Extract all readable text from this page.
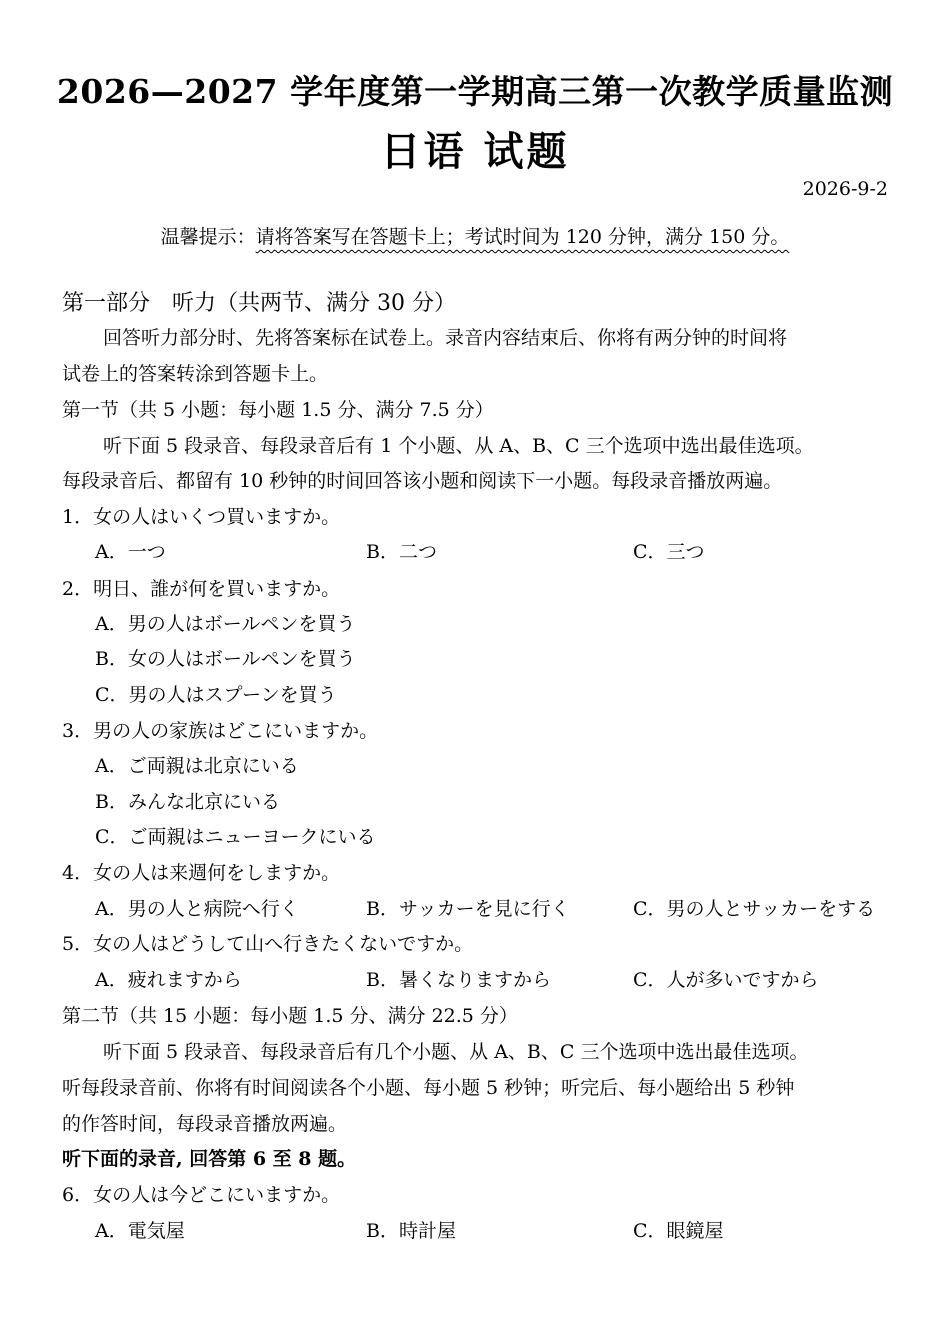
2026—2027 学年度第一学期高三第一次教学质量监测
日语 试题
2026-9-2
温馨提示：请将答案写在答题卡上；考试时间为 120 分钟，满分 150 分。
第一部分　听力（共两节、满分 30 分）
回答听力部分时、先将答案标在试卷上。录音内容结束后、你将有两分钟的时间将
试卷上的答案转涂到答题卡上。
第一节（共 5 小题：每小题 1.5 分、满分 7.5 分）
听下面 5 段录音、每段录音后有 1 个小题、从 A、B、C 三个选项中选出最佳选项。
每段录音后、都留有 10 秒钟的时间回答该小题和阅读下一小题。每段录音播放两遍。
1．女の人はいくつ買いますか。
A．一つ	B．二つ	C．三つ
2．明日、誰が何を買いますか。
A．男の人はボールペンを買う
B．女の人はボールペンを買う
C．男の人はスプーンを買う
3．男の人の家族はどこにいますか。
A．ご両親は北京にいる
B．みんな北京にいる
C．ご両親はニューヨークにいる
4．女の人は来週何をしますか。
A．男の人と病院へ行く	B．サッカーを見に行く	C．男の人とサッカーをする
5．女の人はどうして山へ行きたくないですか。
A．疲れますから	B．暑くなりますから	C．人が多いですから
第二节（共 15 小题：每小题 1.5 分、满分 22.5 分）
听下面 5 段录音、每段录音后有几个小题、从 A、B、C 三个选项中选出最佳选项。
听每段录音前、你将有时间阅读各个小题、每小题 5 秒钟；听完后、每小题给出 5 秒钟
的作答时间，每段录音播放两遍。
听下面的录音, 回答第 6 至 8 题。
6．女の人は今どこにいますか。
A．電気屋	B．時計屋	C．眼鏡屋
